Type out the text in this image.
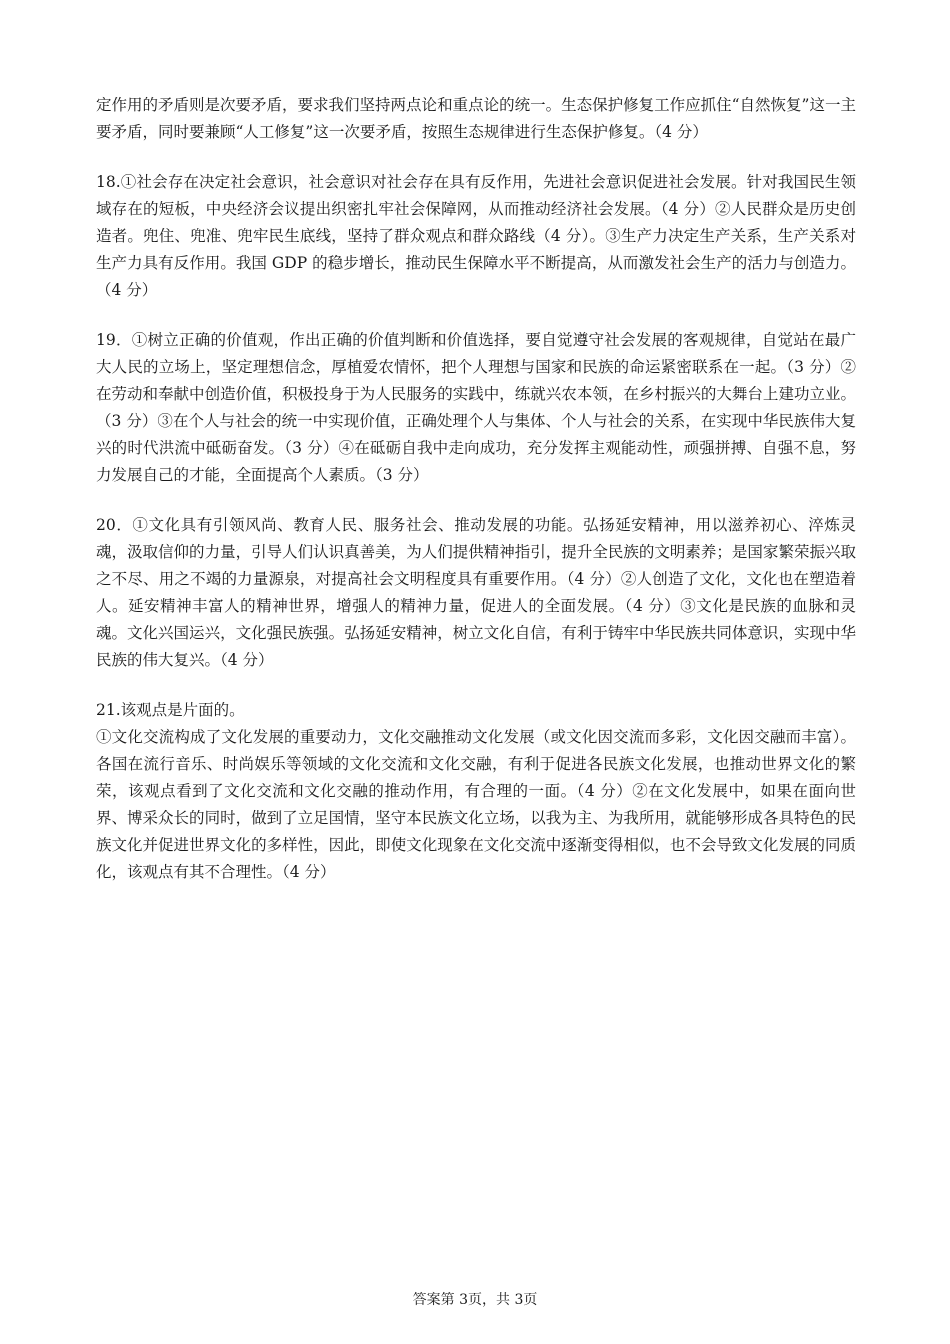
定作用的矛盾则是次要矛盾，要求我们坚持两点论和重点论的统一。生态保护修复工作应抓住“自然恢复”这一主要矛盾，同时要兼顾“人工修复”这一次要矛盾，按照生态规律进行生态保护修复。（4 分）

18.①社会存在决定社会意识，社会意识对社会存在具有反作用，先进社会意识促进社会发展。针对我国民生领域存在的短板，中央经济会议提出织密扎牢社会保障网，从而推动经济社会发展。（4 分）②人民群众是历史创造者。兜住、兜准、兜牢民生底线，坚持了群众观点和群众路线（4 分）。③生产力决定生产关系，生产关系对生产力具有反作用。我国 GDP 的稳步增长，推动民生保障水平不断提高，从而激发社会生产的活力与创造力。（4 分）

19．①树立正确的价值观，作出正确的价值判断和价值选择，要自觉遵守社会发展的客观规律，自觉站在最广大人民的立场上，坚定理想信念，厚植爱农情怀，把个人理想与国家和民族的命运紧密联系在一起。（3 分）②在劳动和奉献中创造价值，积极投身于为人民服务的实践中，练就兴农本领，在乡村振兴的大舞台上建功立业。（3 分）③在个人与社会的统一中实现价值，正确处理个人与集体、个人与社会的关系，在实现中华民族伟大复兴的时代洪流中砥砺奋发。（3 分）④在砥砺自我中走向成功，充分发挥主观能动性，顽强拼搏、自强不息，努力发展自己的才能，全面提高个人素质。（3 分）

20．①文化具有引领风尚、教育人民、服务社会、推动发展的功能。弘扬延安精神，用以滋养初心、淬炼灵魂，汲取信仰的力量，引导人们认识真善美，为人们提供精神指引，提升全民族的文明素养；是国家繁荣振兴取之不尽、用之不竭的力量源泉，对提高社会文明程度具有重要作用。（4 分）②人创造了文化，文化也在塑造着人。延安精神丰富人的精神世界，增强人的精神力量，促进人的全面发展。（4 分）③文化是民族的血脉和灵魂。文化兴国运兴，文化强民族强。弘扬延安精神，树立文化自信，有利于铸牢中华民族共同体意识，实现中华民族的伟大复兴。（4 分）

21.该观点是片面的。

①文化交流构成了文化发展的重要动力，文化交融推动文化发展（或文化因交流而多彩，文化因交融而丰富）。各国在流行音乐、时尚娱乐等领域的文化交流和文化交融，有利于促进各民族文化发展，也推动世界文化的繁荣，该观点看到了文化交流和文化交融的推动作用，有合理的一面。（4 分）②在文化发展中，如果在面向世界、博采众长的同时，做到了立足国情，坚守本民族文化立场，以我为主、为我所用，就能够形成各具特色的民族文化并促进世界文化的多样性，因此，即使文化现象在文化交流中逐渐变得相似，也不会导致文化发展的同质化，该观点有其不合理性。（4 分）

答案第 3页，共 3页
